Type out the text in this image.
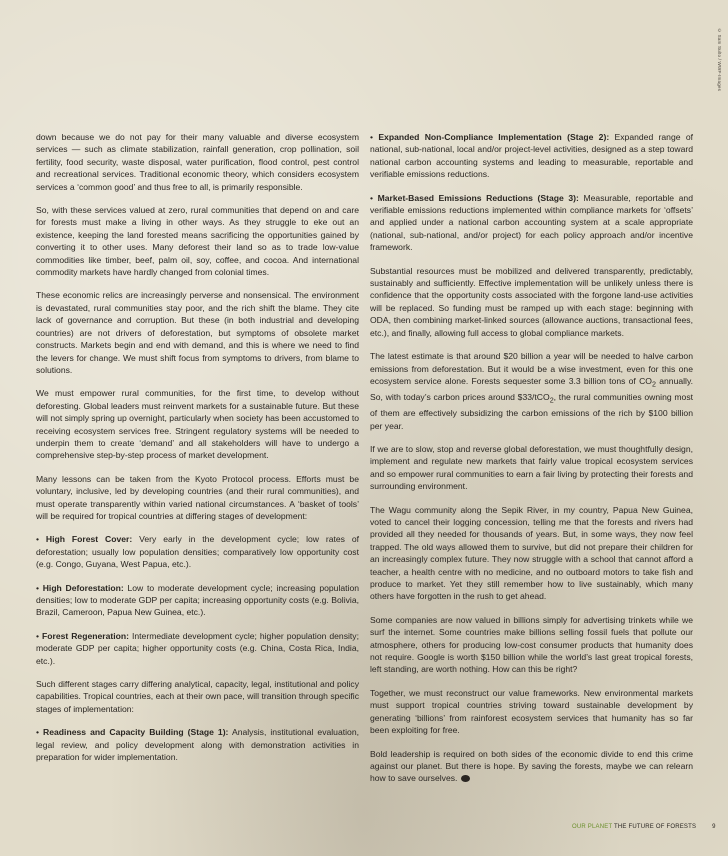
© Sam Sulto / WWF-Images

down because we do not pay for their many valuable and diverse ecosystem services — such as climate stabilization, rainfall generation, crop pollination, soil fertility, food security, waste disposal, water purification, flood control, pest control and recreational services. Traditional economic theory, which considers ecosystem services a ‘common good’ and thus free to all, is primarily responsible.

So, with these services valued at zero, rural communities that depend on and care for forests must make a living in other ways. As they struggle to eke out an existence, keeping the land forested means sacrificing the opportunities gained by converting it to other uses. Many deforest their land so as to trade low-value commodities like timber, beef, palm oil, soy, coffee, and cocoa. And international commodity markets have hardly changed from colonial times.

These economic relics are increasingly perverse and nonsensical. The environment is devastated, rural communities stay poor, and the rich shift the blame. They cite lack of governance and corruption. But these (in both industrial and developing countries) are not drivers of deforestation, but symptoms of obsolete market constructs. Markets begin and end with demand, and this is where we need to find the levers for change. We must shift focus from symptoms to drivers, from blame to solutions.

We must empower rural communities, for the first time, to develop without deforesting. Global leaders must reinvent markets for a sustainable future. But these will not simply spring up overnight, particularly when society has been accustomed to receiving ecosystem services free. Stringent regulatory systems will be needed to underpin them to create ‘demand’ and all stakeholders will have to undergo a comprehensive step-by-step process of market development.

Many lessons can be taken from the Kyoto Protocol process. Efforts must be voluntary, inclusive, led by developing countries (and their rural communities), and must operate transparently within varied national circumstances. A ‘basket of tools’ will be required for tropical countries at differing stages of development:

• High Forest Cover: Very early in the development cycle; low rates of deforestation; usually low population densities; comparatively low opportunity cost (e.g. Congo, Guyana, West Papua, etc.).

• High Deforestation: Low to moderate development cycle; increasing population densities; low to moderate GDP per capita; increasing opportunity costs (e.g. Bolivia, Brazil, Cameroon, Papua New Guinea, etc.).

• Forest Regeneration: Intermediate development cycle; higher population density; moderate GDP per capita; higher opportunity costs (e.g. China, Costa Rica, India, etc.).

Such different stages carry differing analytical, capacity, legal, institutional and policy capabilities. Tropical countries, each at their own pace, will transition through specific stages of implementation:

• Readiness and Capacity Building (Stage 1): Analysis, institutional evaluation, legal review, and policy development along with demonstration activities in preparation for wider implementation.

• Expanded Non-Compliance Implementation (Stage 2): Expanded range of national, sub-national, local and/or project-level activities, designed as a step toward national carbon accounting systems and leading to measurable, reportable and verifiable emissions reductions.

• Market-Based Emissions Reductions (Stage 3): Measurable, reportable and verifiable emissions reductions implemented within compliance markets for ‘offsets’ and applied under a national carbon accounting system at a scale appropriate (national, sub-national, and/or project) for each policy approach and/or incentive framework.

Substantial resources must be mobilized and delivered transparently, predictably, sustainably and sufficiently. Effective implementation will be unlikely unless there is confidence that the opportunity costs associated with the forgone land-use activities will be replaced. So funding must be ramped up with each stage: beginning with ODA, then combining market-linked sources (allowance auctions, transactional fees, etc.), and finally, allowing full access to global compliance markets.

The latest estimate is that around $20 billion a year will be needed to halve carbon emissions from deforestation. But it would be a wise investment, even for this one ecosystem service alone. Forests sequester some 3.3 billion tons of $CO_2$ annually. So, with today’s carbon prices around $33/tCO$_2$, the rural communities owning most of them are effectively subsidizing the carbon emissions of the rich by $100 billion per year.

If we are to slow, stop and reverse global deforestation, we must thoughtfully design, implement and regulate new markets that fairly value tropical ecosystem services and so empower rural communities to earn a fair living by protecting their forests and surrounding environment.

The Wagu community along the Sepik River, in my country, Papua New Guinea, voted to cancel their logging concession, telling me that the forests and rivers had provided all they needed for thousands of years. But, in some ways, they now feel trapped. The old ways allowed them to survive, but did not prepare their children for an increasingly complex future. They now struggle with a school that cannot afford a teacher, a health centre with no medicine, and no outboard motors to take fish and produce to market. Yet they still remember how to live sustainably, which many others have forgotten in the rush to get ahead.

Some companies are now valued in billions simply for advertising trinkets while we surf the internet. Some countries make billions selling fossil fuels that pollute our atmosphere, others for producing low-cost consumer products that humanity does not require. Google is worth $150 billion while the world’s last great tropical forests, left standing, are worth nothing. How can this be right?

Together, we must reconstruct our value frameworks. New environmental markets must support tropical countries striving toward sustainable development by generating ‘billions’ from rainforest ecosystem services that humanity has so far been exploiting for free.

Bold leadership is required on both sides of the economic divide to end this crime against our planet. But there is hope. By saving the forests, maybe we can relearn how to save ourselves.

OUR PLANET THE FUTURE OF FORESTS	9
